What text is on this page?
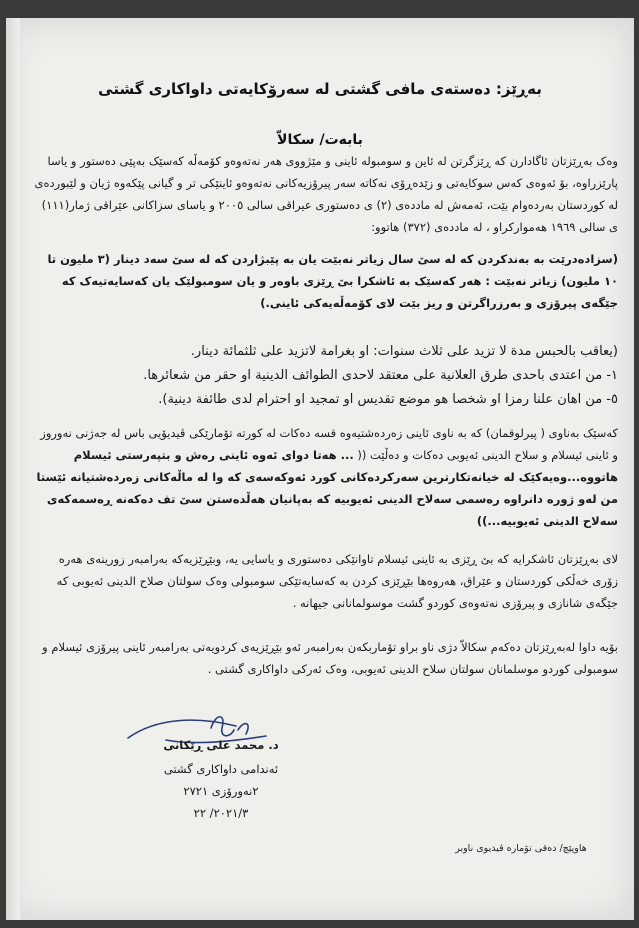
بەڕێز: دەستەی مافی گشتی لە سەرۆکایەتی داواکاری گشتی
بابەت/ سکالاّ

وەک بەڕێزتان ئاگادارن کە ڕێزگرتن لە ئاین و سومبولە ئاینی و مێژووی هەر نەتەوەو کۆمەڵە کەسێک بەپێی دەستور و یاسا پارێزراوە، بۆ ئەوەی کەس سوکایەتی و زێدەڕۆی نەکاتە سەر پیرۆزیەکانی نەتەوەو ئاینێکی تر و گیانی پێکەوە ژیان و لێبوردەی لە کوردستان بەردەوام بێت، ئەمەش لە ماددەی (٢) ی دەستوری عیراقی سالی ٢٠٠٥ و یاسای سزاکانی عێراقی ژمار(١١١) ی سالی ١٩٦٩ هەموارکراو ، لە ماددەی (٣٧٢) هاتوو:

(سزادەدرێت بە بەندکردن کە لە سێ سال زیاتر نەبێت یان بە پێبژاردن کە لە سێ سەد دینار (٣ ملیون تا ١٠ ملیون) زیاتر نەبێت : هەر کەسێک بە ئاشکرا بێ ڕێزی باوەر و یان سومبولێک یان کەسایەتیەک کە جێگەی پیرۆزی و بەرزراگرتن و ریز بێت لای کۆمەڵەیەکی ئاینی.)

(يعاقب بالحبس مدة لا تزيد على ثلاث سنوات: او بغرامة لاتزيد على ثلثمائة دينار.

١- من اعتدى باحدى طرق العلانية على معتقد لاحدى الطوائف الدينية او حقر من شعائرها.

٥- من اهان علنا رمزا او شخصا هو موضع تقديس او تمجيد او احترام لدى طائفة دينية).

کەسێک بەناوی ( پیرلوقمان) کە بە ناوی ئاینی زەردەشتیەوە قسە دەکات لە کورتە تۆمارێکی ڤیدیۆیی باس لە جەژنی نەوروز و ئاینی ئیسلام و سلاح الدینی ئەیوبی دەکات و دەڵێت (( ... هەتا دوای ئەوە ئاینی رەش و بتپەرستی ئیسلام هاتووە...وەیەکێک لە خیانەتکارترین سەرکردەکانی کورد ئەوکەسەی کە وا لە ماڵەکانی زەردەشتیانە ئێستا من لەو ژورە دانراوە رەسمی سەلاح الدینی ئەیوبیە کە بەپانیان هەڵدەستن سێ تف دەکەنە ڕەسمەکەی سەلاح الدینی ئەیوبیە...))

لای بەڕێزتان ئاشکرایە کە بێ ڕێزی بە ئاینی ئیسلام تاوانێکی دەستوری و یاسایی یە، وبێڕێزیەکە بەرامبەر زورینەی هەرە زۆری خەڵکی کوردستان و عێراق، هەروەها بێڕێزی کردن بە کەسایەتێکی سومبولی وەک سولتان صلاح الدینی ئەیوبی کە جێگەی شانازی و پیرۆزی نەتەوەی کوردو گشت موسولمانانی جیهانە .

بۆیە داوا لەبەڕێزتان دەکەم سکالاّ دژی ناو براو تۆماربکەن بەرامبەر ئەو بێڕێزیەی کردویەتی بەرامبەر ئاینی پیرۆزی ئیسلام و سومبولی کوردو موسلمانان سولتان سلاح الدینی ئەیوبی، وەک ئەرکی داواکاری گشتی .

د. محمد علی ڕێکانی
ئەندامی داواکاری گشتی
٢نەورۆزی ٢٧٢١
٢٠٢١/٣/ ٢٢
هاوپێچ/ دەقی تۆمارە ڤیدیوی ناوبر
